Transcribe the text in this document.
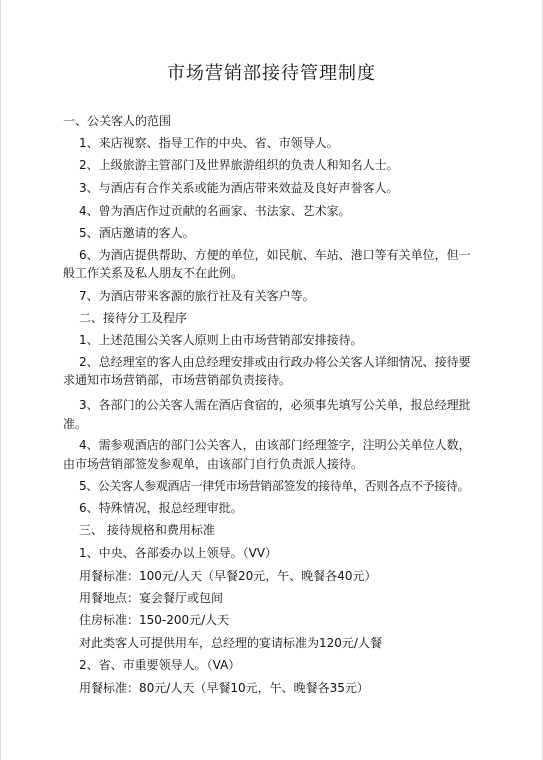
市场营销部接待管理制度
一、公关客人的范围
1、来店视察、指导工作的中央、省、市领导人。
2、上级旅游主管部门及世界旅游组织的负责人和知名人士。
3、与酒店有合作关系或能为酒店带来效益及良好声誉客人。
4、曾为酒店作过贡献的名画家、书法家、艺术家。
5、酒店邀请的客人。
6、为酒店提供帮助、方便的单位，如民航、车站、港口等有关单位，但一
般工作关系及私人朋友不在此例。
7、为酒店带来客源的旅行社及有关客户等。
二、接待分工及程序
1、上述范围公关客人原则上由市场营销部安排接待。
2、总经理室的客人由总经理安排或由行政办将公关客人详细情况、接待要
求通知市场营销部，市场营销部负责接待。
3、各部门的公关客人需在酒店食宿的，必须事先填写公关单，报总经理批
准。
4、需参观酒店的部门公关客人，由该部门经理签字，注明公关单位人数，
由市场营销部签发参观单，由该部门自行负责派人接待。
5、公关客人参观酒店一律凭市场营销部签发的接待单，否则各点不予接待。
6、特殊情况，报总经理审批。
三、 接待规格和费用标准
1、中央、各部委办以上领导。（VV）
用餐标准：100元/人天（早餐20元，午、晚餐各40元）
用餐地点：宴会餐厅或包间
住房标准：150-200元/人天
对此类客人可提供用车，总经理的宴请标准为120元/人餐
2、省、市重要领导人。（VA）
用餐标准：80元/人天（早餐10元，午、晚餐各35元）
